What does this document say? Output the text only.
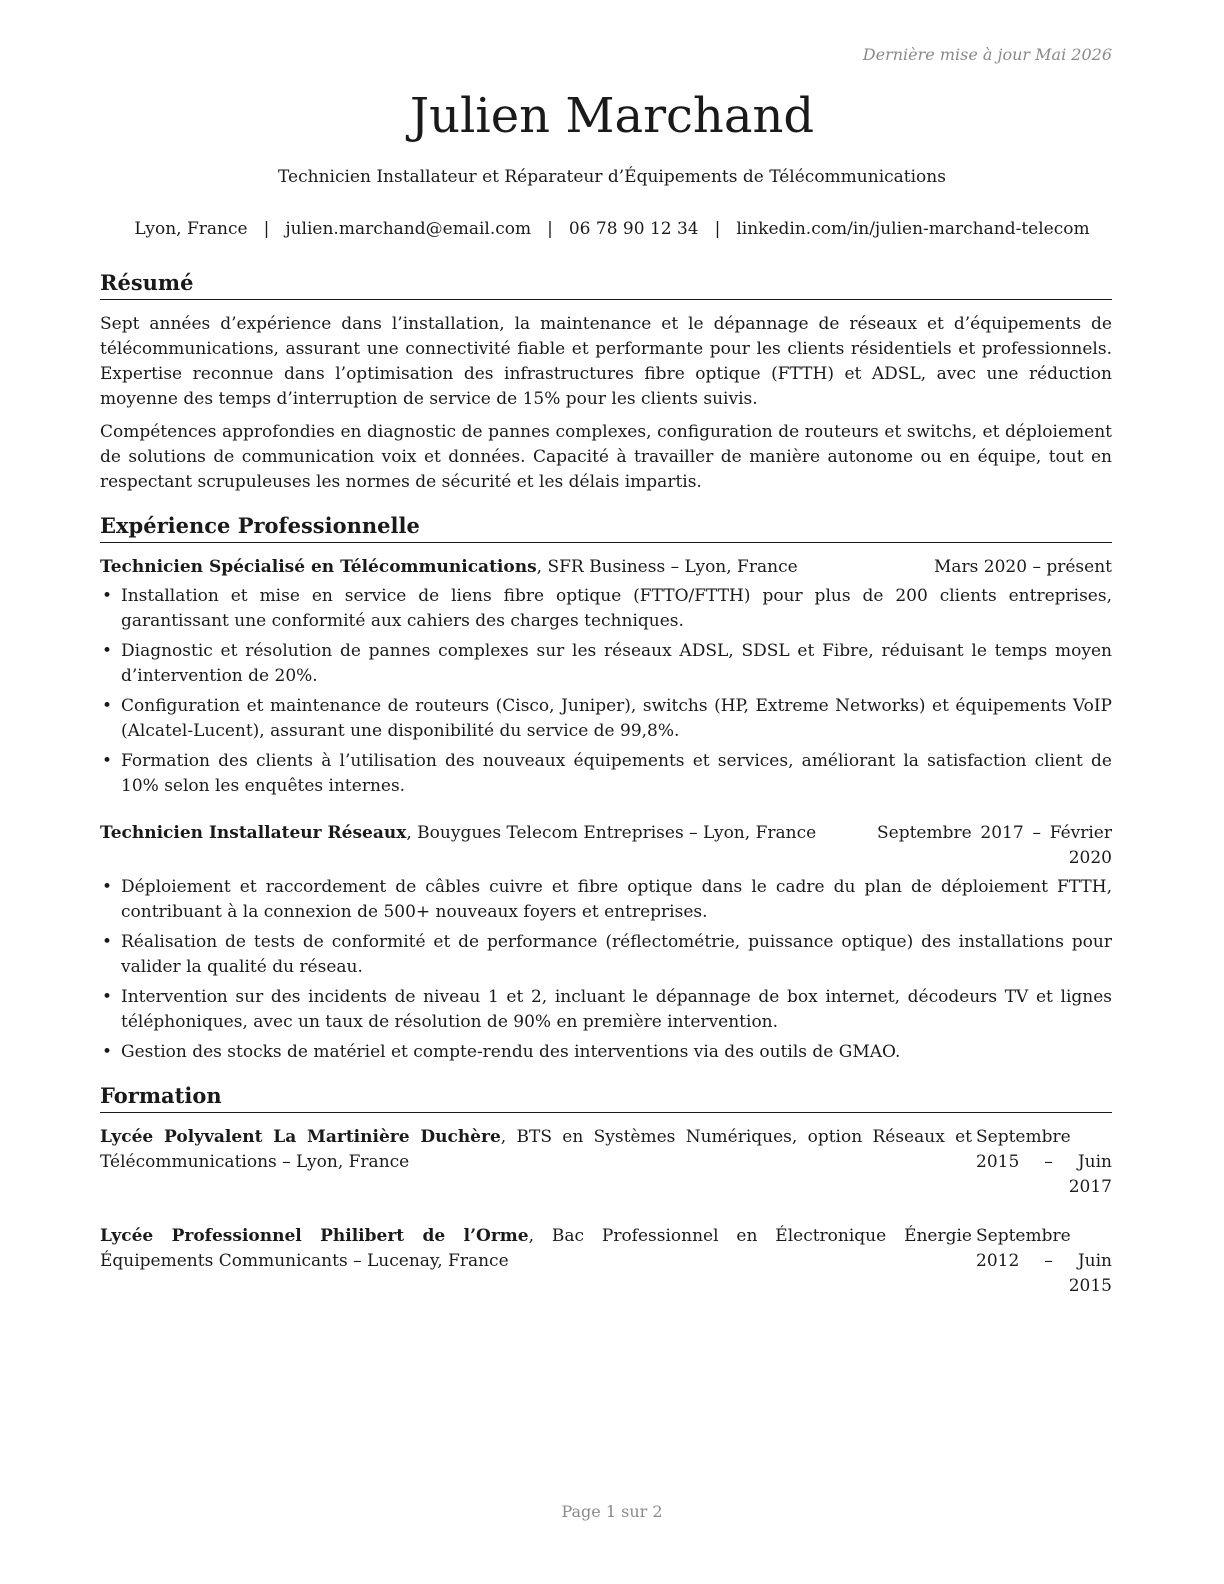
Dernière mise à jour Mai 2026
Julien Marchand
Technicien Installateur et Réparateur d’Équipements de Télécommunications
Lyon, France | julien.marchand@email.com | 06 78 90 12 34 | linkedin.com/in/julien-marchand-telecom
Résumé

Sept années d’expérience dans l’installation, la maintenance et le dépannage de réseaux et d’équipements de télécommunications, assurant une connectivité fiable et performante pour les clients résidentiels et professionnels. Expertise reconnue dans l’optimisation des infrastructures fibre optique (FTTH) et ADSL, avec une réduction moyenne des temps d’interruption de service de 15% pour les clients suivis.

Compétences approfondies en diagnostic de pannes complexes, configuration de routeurs et switchs, et déploiement de solutions de communication voix et données. Capacité à travailler de manière autonome ou en équipe, tout en respectant scrupuleuses les normes de sécurité et les délais impartis.

Expérience Professionnelle
Technicien Spécialisé en Télécommunications, SFR Business – Lyon, France	Mars 2020 – présent
• Installation et mise en service de liens fibre optique (FTTO/FTTH) pour plus de 200 clients entreprises, garantissant une conformité aux cahiers des charges techniques.
• Diagnostic et résolution de pannes complexes sur les réseaux ADSL, SDSL et Fibre, réduisant le temps moyen d’intervention de 20%.
• Configuration et maintenance de routeurs (Cisco, Juniper), switchs (HP, Extreme Networks) et équipements VoIP (Alcatel-Lucent), assurant une disponibilité du service de 99,8%.
• Formation des clients à l’utilisation des nouveaux équipements et services, améliorant la satisfaction client de 10% selon les enquêtes internes.
Technicien Installateur Réseaux, Bouygues Telecom Entreprises – Lyon, France	Septembre 2017 – Février 2020
• Déploiement et raccordement de câbles cuivre et fibre optique dans le cadre du plan de déploiement FTTH, contribuant à la connexion de 500+ nouveaux foyers et entreprises.
• Réalisation de tests de conformité et de performance (réflectométrie, puissance optique) des installations pour valider la qualité du réseau.
• Intervention sur des incidents de niveau 1 et 2, incluant le dépannage de box internet, décodeurs TV et lignes téléphoniques, avec un taux de résolution de 90% en première intervention.
• Gestion des stocks de matériel et compte-rendu des interventions via des outils de GMAO.
Formation
Lycée Polyvalent La Martinière Duchère, BTS en Systèmes Numériques, option Réseaux et Télécommunications – Lyon, France
Septembre 2015 – Juin 2017
Lycée Professionnel Philibert de l’Orme, Bac Professionnel en Électronique Énergie Équipements Communicants – Lucenay, France
Septembre 2012 – Juin 2015
Page 1 sur 2
